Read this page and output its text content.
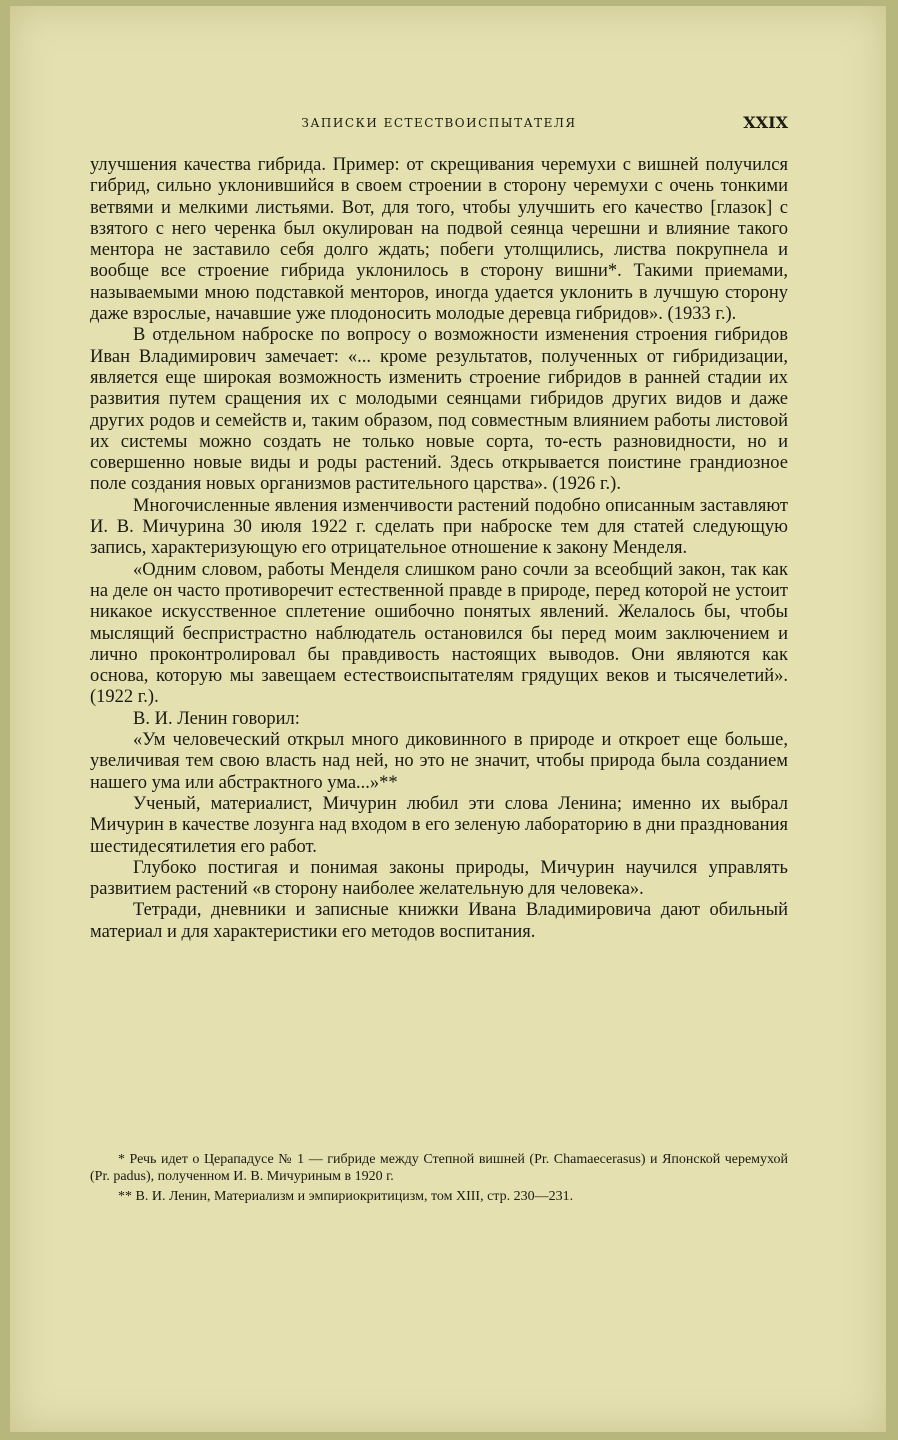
ЗАПИСКИ ЕСТЕСТВОИСПЫТАТЕЛЯ	XXIX

улучшения качества гибрида. Пример: от скрещивания черемухи с вишней получился гибрид, сильно уклонившийся в своем строении в сторону черемухи с очень тонкими ветвями и мелкими листьями. Вот, для того, чтобы улучшить его качество [глазок] с взятого с него черенка был окулирован на подвой сеянца черешни и влияние такого ментора не заставило себя долго ждать; побеги утолщились, листва покрупнела и вообще все строение гибрида уклонилось в сторону вишни*. Такими приемами, называемыми мною подставкой менторов, иногда удается уклонить в лучшую сторону даже взрослые, начавшие уже плодоносить молодые деревца гибридов». (1933 г.).

В отдельном наброске по вопросу о возможности изменения строения гибридов Иван Владимирович замечает: «... кроме результатов, полученных от гибридизации, является еще широкая возможность изменить строение гибридов в ранней стадии их развития путем сращения их с молодыми сеянцами гибридов других видов и даже других родов и семейств и, таким образом, под совместным влиянием работы листовой их системы можно создать не только новые сорта, то-есть разновидности, но и совершенно новые виды и роды растений. Здесь открывается поистине грандиозное поле создания новых организмов растительного царства». (1926 г.).

Многочисленные явления изменчивости растений подобно описанным заставляют И. В. Мичурина 30 июля 1922 г. сделать при наброске тем для статей следующую запись, характеризующую его отрицательное отношение к закону Менделя.

«Одним словом, работы Менделя слишком рано сочли за всеобщий закон, так как на деле он часто противоречит естественной правде в природе, перед которой не устоит никакое искусственное сплетение ошибочно понятых явлений. Желалось бы, чтобы мыслящий беспристрастно наблюдатель остановился бы перед моим заключением и лично проконтролировал бы правдивость настоящих выводов. Они являются как основа, которую мы завещаем естествоиспытателям грядущих веков и тысячелетий». (1922 г.).

В. И. Ленин говорил:

«Ум человеческий открыл много диковинного в природе и откроет еще больше, увеличивая тем свою власть над ней, но это не значит, чтобы природа была созданием нашего ума или абстрактного ума...»**

Ученый, материалист, Мичурин любил эти слова Ленина; именно их выбрал Мичурин в качестве лозунга над входом в его зеленую лабораторию в дни празднования шестидесятилетия его работ.

Глубоко постигая и понимая законы природы, Мичурин научился управлять развитием растений «в сторону наиболее желательную для человека».

Тетради, дневники и записные книжки Ивана Владимировича дают обильный материал и для характеристики его методов воспитания.

* Речь идет о Церападусе № 1 — гибриде между Степной вишней (Pr. Chamaecerasus) и Японской черемухой (Pr. padus), полученном И. В. Мичуриным в 1920 г.

** В. И. Ленин, Материализм и эмпириокритицизм, том XIII, стр. 230—231.
